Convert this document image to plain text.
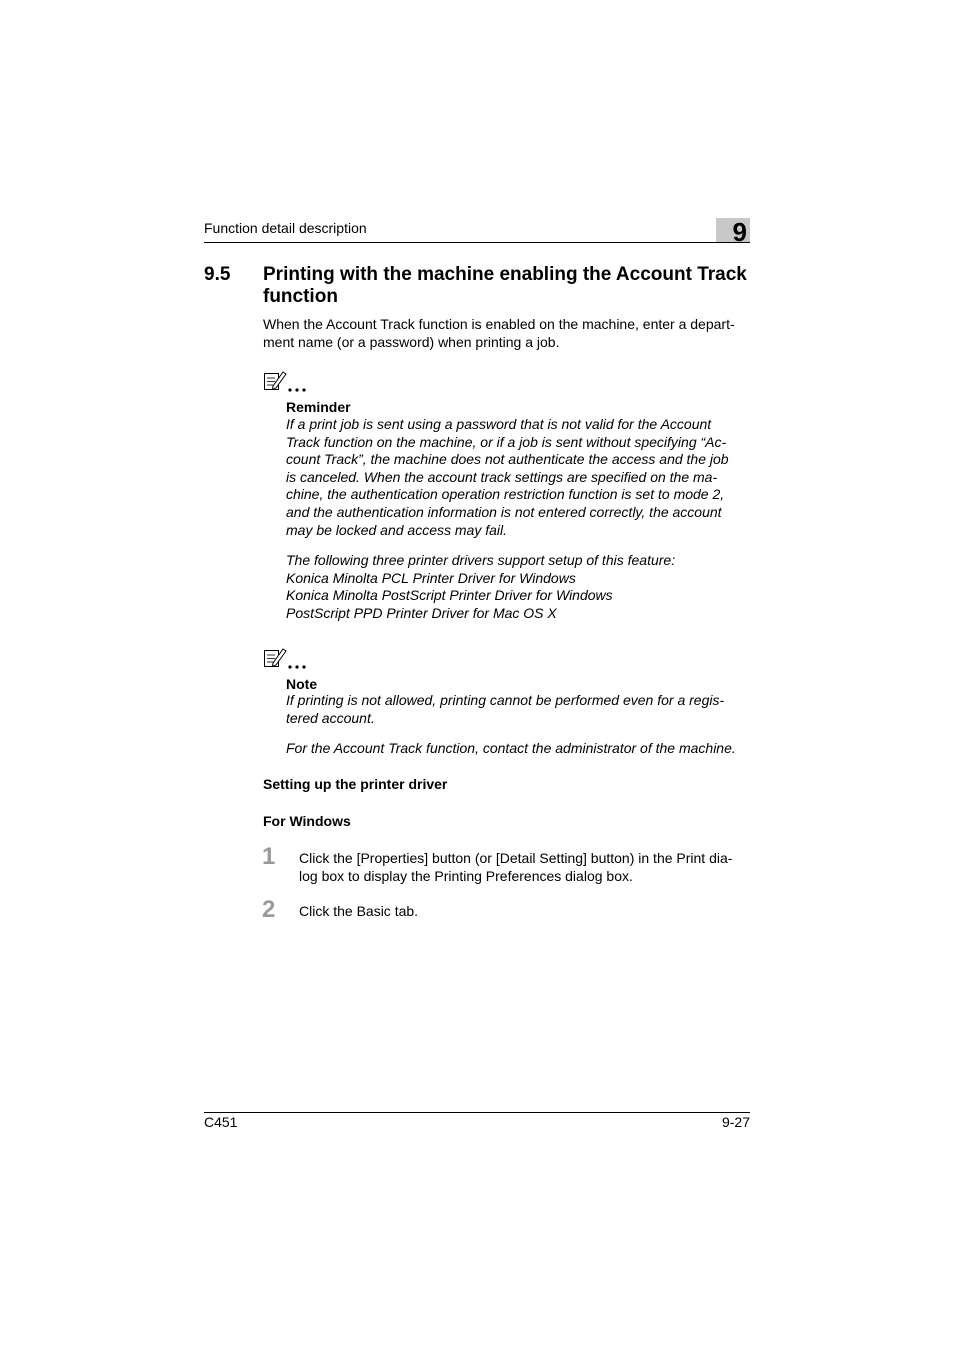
Function detail description	9
9.5 Printing with the machine enabling the Account Track function
When the Account Track function is enabled on the machine, enter a depart-
ment name (or a password) when printing a job.
Reminder
If a print job is sent using a password that is not valid for the Account
Track function on the machine, or if a job is sent without specifying “Ac-
count Track”, the machine does not authenticate the access and the job
is canceled. When the account track settings are specified on the ma-
chine, the authentication operation restriction function is set to mode 2,
and the authentication information is not entered correctly, the account
may be locked and access may fail.
The following three printer drivers support setup of this feature:
Konica Minolta PCL Printer Driver for Windows
Konica Minolta PostScript Printer Driver for Windows
PostScript PPD Printer Driver for Mac OS X
Note
If printing is not allowed, printing cannot be performed even for a regis-
tered account.
For the Account Track function, contact the administrator of the machine.
Setting up the printer driver
For Windows
1 Click the [Properties] button (or [Detail Setting] button) in the Print dia-
log box to display the Printing Preferences dialog box.
2 Click the Basic tab.
C451	9-27
